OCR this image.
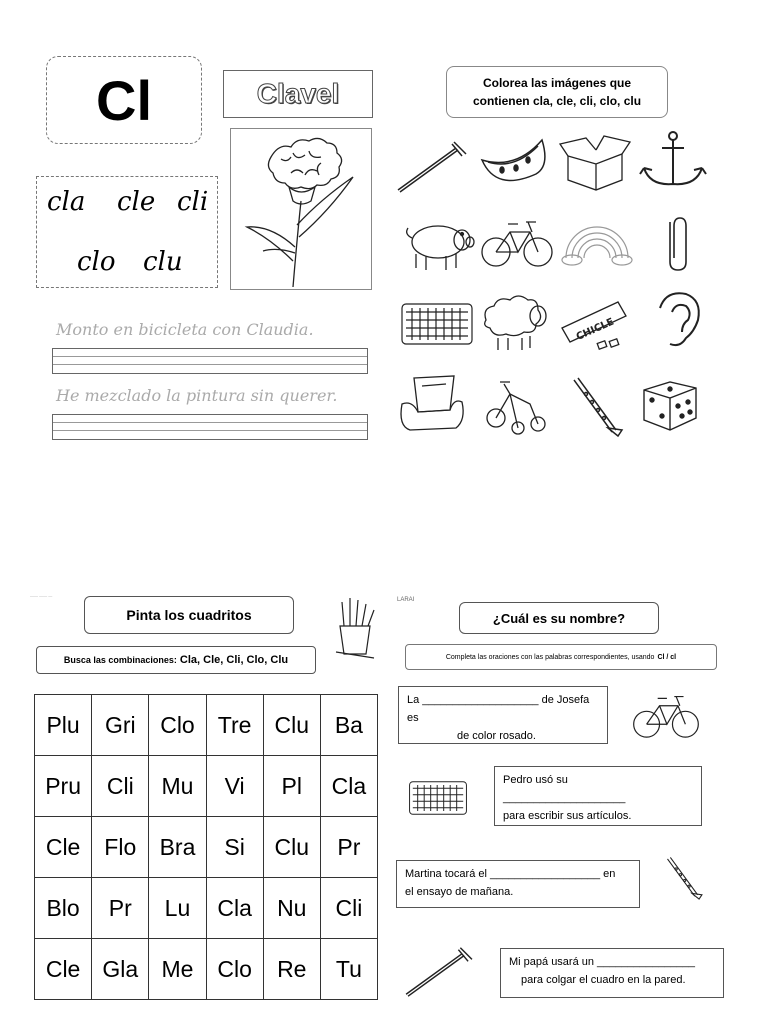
Cl	Clavel
cla cle cli
clo clu
Monto en bicicleta con Claudia.
He mezclado la pintura sin querer.
Colorea las imágenes que
contienen cla, cle, cli, clo, clu
CHICLE
—— —— —
Pinta los cuadritos
Busca las combinaciones: Cla, Cle, Cli, Clo, Clu
Plu	Gri	Clo	Tre	Clu	Ba
Pru	Cli	Mu	Vi	Pl	Cla
Cle	Flo	Bra	Si	Clu	Pr
Blo	Pr	Lu	Cla	Nu	Cli
Cle	Gla	Me	Clo	Re	Tu
LARAI
¿Cuál es su nombre?
Completa las oraciones con las palabras correspondientes, usando Cl / cl
La ___________________ de Josefa es
de color rosado.
Pedro usó su ____________________
para escribir sus artículos.
Martina tocará el __________________ en
el ensayo de mañana.
Mi papá usará un ________________
para colgar el cuadro en la pared.
